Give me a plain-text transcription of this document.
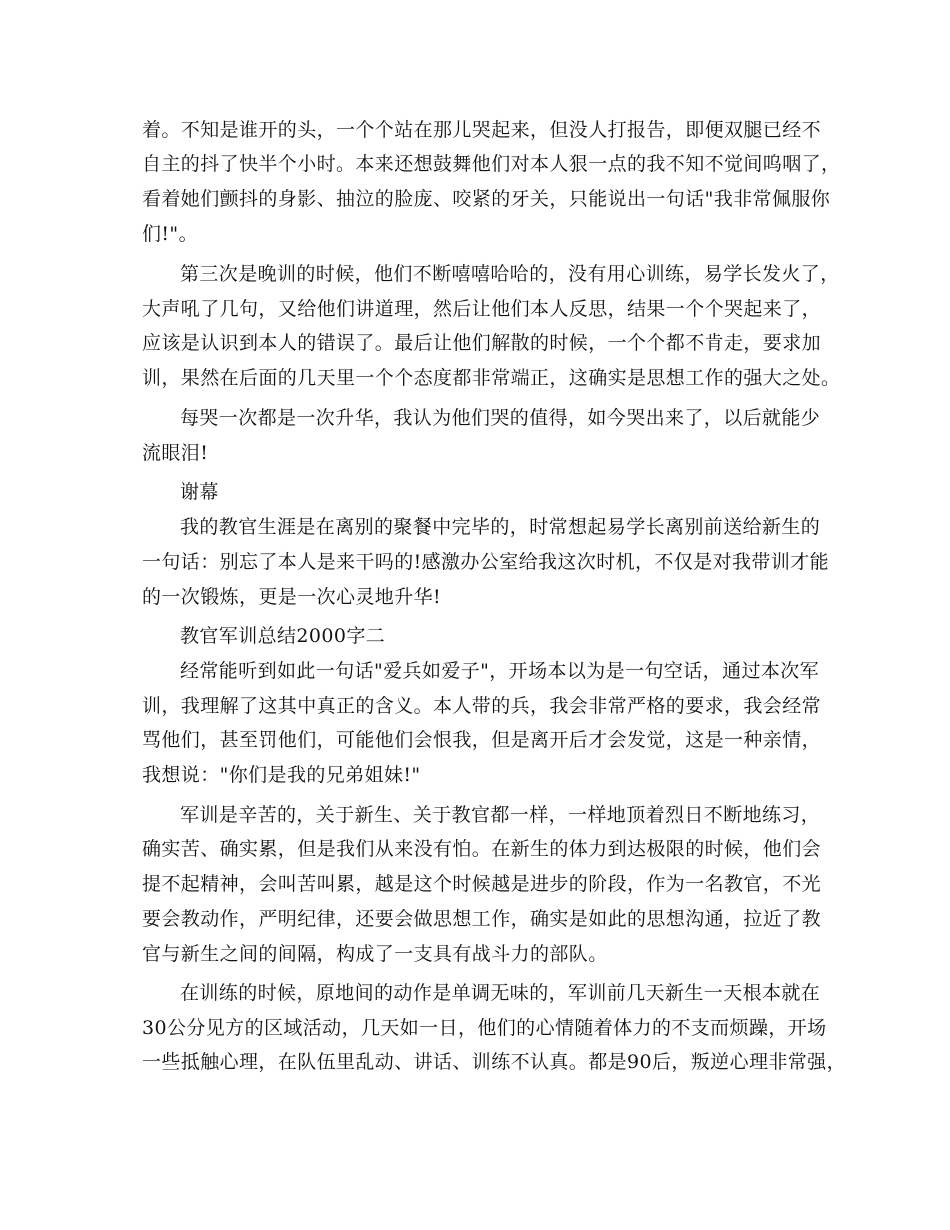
着。不知是谁开的头，一个个站在那儿哭起来，但没人打报告，即便双腿已经不
自主的抖了快半个小时。本来还想鼓舞他们对本人狠一点的我不知不觉间呜咽了，
看着她们颤抖的身影、抽泣的脸庞、咬紧的牙关，只能说出一句话"我非常佩服你
们!"。
第三次是晚训的时候，他们不断嘻嘻哈哈的，没有用心训练，易学长发火了，
大声吼了几句，又给他们讲道理，然后让他们本人反思，结果一个个哭起来了，
应该是认识到本人的错误了。最后让他们解散的时候，一个个都不肯走，要求加
训，果然在后面的几天里一个个态度都非常端正，这确实是思想工作的强大之处。
每哭一次都是一次升华，我认为他们哭的值得，如今哭出来了，以后就能少
流眼泪!
谢幕
我的教官生涯是在离别的聚餐中完毕的，时常想起易学长离别前送给新生的
一句话：别忘了本人是来干吗的!感激办公室给我这次时机，不仅是对我带训才能
的一次锻炼，更是一次心灵地升华!
教官军训总结2000字二
经常能听到如此一句话"爱兵如爱子"，开场本以为是一句空话，通过本次军
训，我理解了这其中真正的含义。本人带的兵，我会非常严格的要求，我会经常
骂他们，甚至罚他们，可能他们会恨我，但是离开后才会发觉，这是一种亲情，
我想说："你们是我的兄弟姐妹!"
军训是辛苦的，关于新生、关于教官都一样，一样地顶着烈日不断地练习，
确实苦、确实累，但是我们从来没有怕。在新生的体力到达极限的时候，他们会
提不起精神，会叫苦叫累，越是这个时候越是进步的阶段，作为一名教官，不光
要会教动作，严明纪律，还要会做思想工作，确实是如此的思想沟通，拉近了教
官与新生之间的间隔，构成了一支具有战斗力的部队。
在训练的时候，原地间的动作是单调无味的，军训前几天新生一天根本就在
30公分见方的区域活动，几天如一日，他们的心情随着体力的不支而烦躁，开场
一些抵触心理，在队伍里乱动、讲话、训练不认真。都是90后，叛逆心理非常强，
